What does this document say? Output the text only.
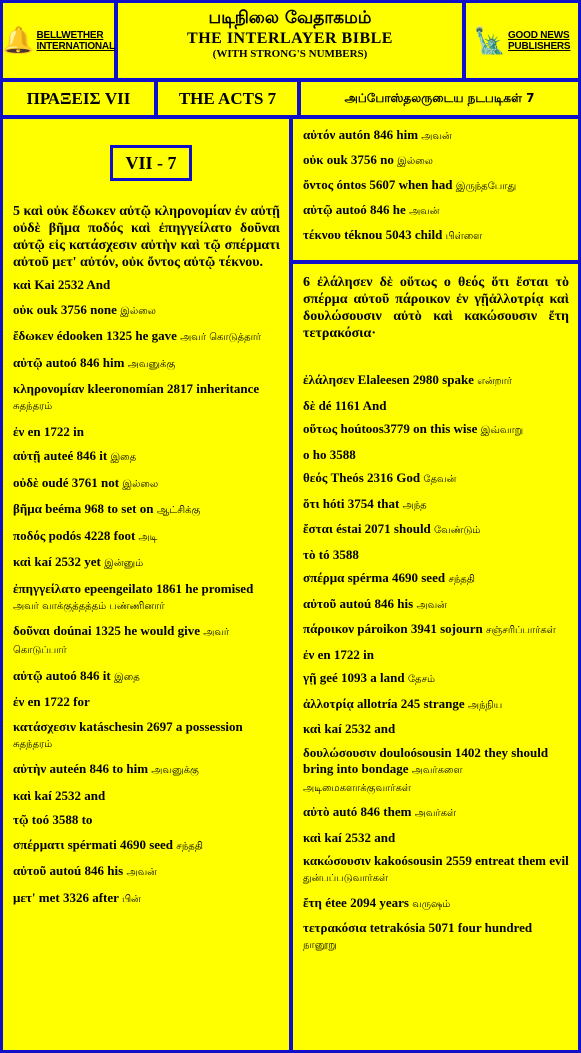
🔔 BELLWETHER
INTERNATIONAL
படிநிலை வேதாகமம்
THE INTERLAYER BIBLE
(WITH STRONG'S NUMBERS)	🗽 GOOD NEWS
PUBLISHERS
ΠΡΑΞΕΙΣ VII	THE ACTS 7	அப்போஸ்தலருடைய நடபடிகள் 7
VII - 7
5 καὶ οὐκ ἔδωκεν αὐτῷ κληρονομίαν ἐν αὐτῇ οὐδὲ βῆμα ποδός καὶ ἐπηγγείλατο δοῦναι αὐτῷ εἰς κατάσχεσιν αὐτὴν καὶ τῷ σπέρματι αὐτοῦ μετ' αὐτόν, οὐκ ὄντος αὐτῷ τέκνου.
καὶ Kai 2532 And
οὐκ ouk 3756 none இல்லை
ἔδωκεν édooken 1325 he gave அவர் கொடுத்தார்
αὐτῷ autoó 846 him அவனுக்கு
κληρονομίαν kleeronomían 2817 inheritance சுதந்தரம்
ἐν en 1722 in
αὐτῇ auteé 846 it இதை
οὐδὲ oudé 3761 not இல்லை
βῆμα beéma 968 to set on ஆட்சிக்கு
ποδός podós 4228 foot அடி
καὶ kaí 2532 yet இன்னும்
ἐπηγγείλατο epeengeilato 1861 he promised அவர் வாக்குத்தத்தம் பண்ணினார்
δοῦναι doúnai 1325 he would give அவர் கொடுப்பார்
αὐτῷ autoó 846 it இதை
ἐν en 1722 for
κατάσχεσιν katáschesin 2697 a possession சுதந்தரம்
αὐτὴν auteén 846 to him அவனுக்கு
καὶ kaí 2532 and
τῷ toó 3588 to
σπέρματι spérmati 4690 seed சந்ததி
αὐτοῦ autoú 846 his அவன்
μετ' met 3326 after பின்
αὐτόν autón 846 him அவன்
οὐκ ouk 3756 no இல்லை
ὄντος óntos 5607 when had இருந்தபோது
αὐτῷ autoó 846 he அவன்
τέκνου téknou 5043 child பிள்ளை
6 ἐλάλησεν δὲ οὕτως ο θεός ὅτι ἔσται τὸ σπέρμα αὐτοῦ πάροικον ἐν γῇἀλλοτρίᾳ καὶ δουλώσουσιν αὐτὸ καὶ κακώσουσιν ἔτη τετρακόσια·
ἐλάλησεν Elaleesen 2980 spake என்றார்
δὲ dé 1161 And
οὕτως hoútoos3779 on this wise இவ்வாறு
ο ho 3588
θεός Theós 2316 God தேவன்
ὅτι hóti 3754 that அந்த
ἔσται éstai 2071 should வேண்டும்
τὸ tó 3588
σπέρμα spérma 4690 seed சந்ததி
αὐτοῦ autoú 846 his அவன்
πάροικον pároikon 3941 sojourn சஞ்சரிப்பார்கள்
ἐν en 1722 in
γῇ geé 1093 a land தேசம்
ἀλλοτρίᾳ allotría 245 strange அந்நிய
καὶ kaí 2532 and
δουλώσουσιν douloósousin 1402 they should bring into bondage அவர்களை அடிமைகளாக்குவார்கள்
αὐτὸ autó 846 them அவர்கள்
καὶ kaí 2532 and
κακώσουσιν kakoósousin 2559 entreat them evil துன்பப்படுவார்கள்
ἔτη étee 2094 years வருஷம்
τετρακόσια tetrakósia 5071 four hundred நானூறு
